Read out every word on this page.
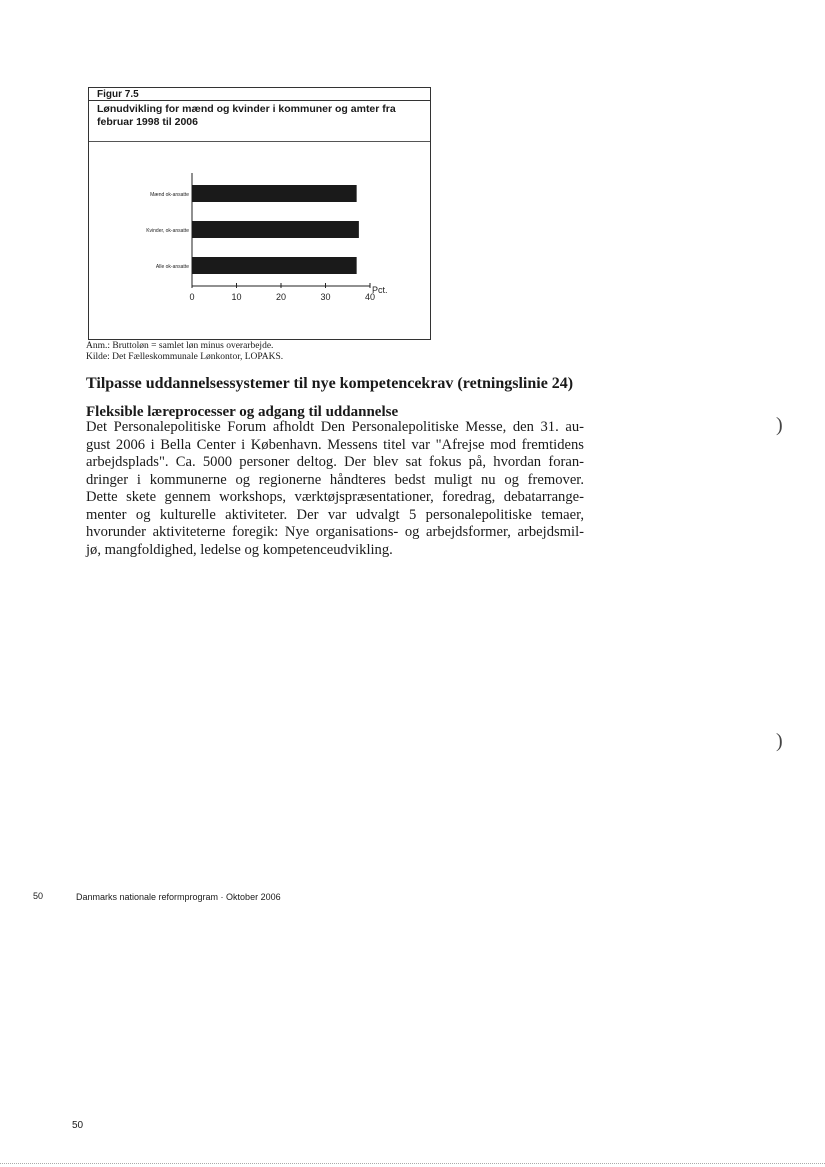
Figur 7.5
Lønudvikling for mænd og kvinder i kommuner og amter fra februar 1998 til 2006
Mænd ok-ansatte
Kvinder, ok-ansatte
Alle ok-ansatte
0	10	20	30	40
Pct.
Anm.: Bruttoløn = samlet løn minus overarbejde.
Kilde: Det Fælleskommunale Lønkontor, LOPAKS.
Tilpasse uddannelsessystemer til nye kompetencekrav (retningslinie 24)
Fleksible læreprocesser og adgang til uddannelse
Det Personalepolitiske Forum afholdt Den Personalepolitiske Messe, den 31. au-
gust 2006 i Bella Center i København. Messens titel var "Afrejse mod fremtidens
arbejdsplads". Ca. 5000 personer deltog. Der blev sat fokus på, hvordan foran-
dringer i kommunerne og regionerne håndteres bedst muligt nu og fremover.
Dette skete gennem workshops, værktøjspræsentationer, foredrag, debatarrange-
menter og kulturelle aktiviteter. Der var udvalgt 5 personalepolitiske temaer,
hvorunder aktiviteterne foregik: Nye organisations- og arbejdsformer, arbejdsmil-
jø, mangfoldighed, ledelse og kompetenceudvikling.
50	Danmarks nationale reformprogram · Oktober 2006
50
)
)
